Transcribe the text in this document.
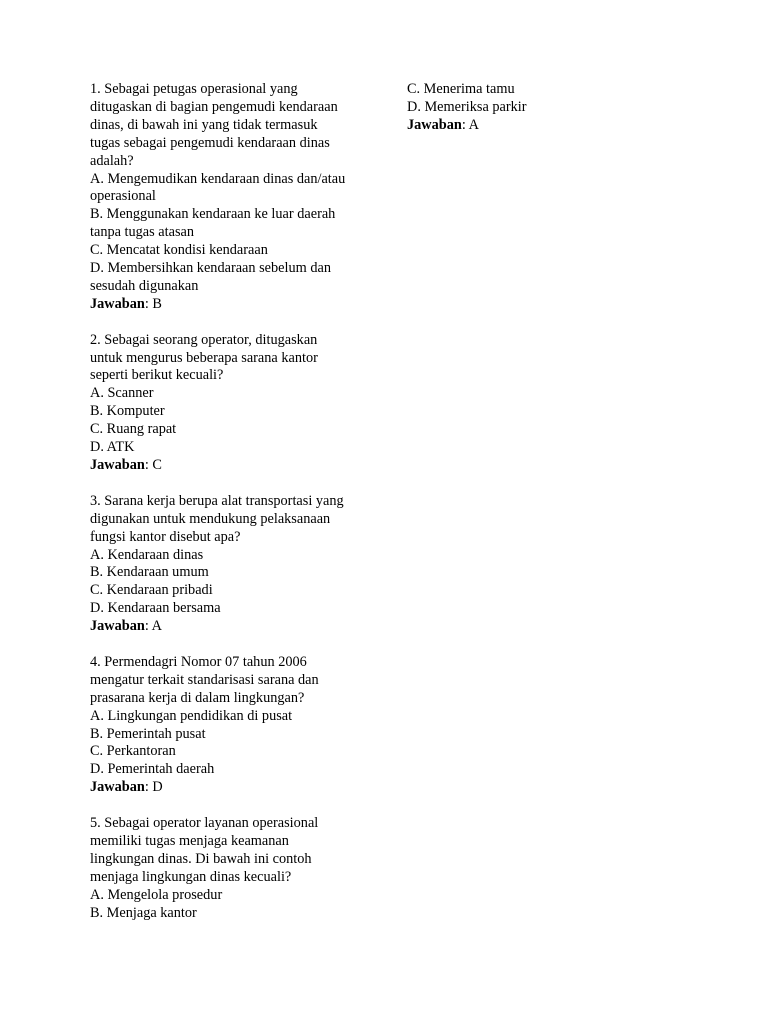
1. Sebagai petugas operasional yang
ditugaskan di bagian pengemudi kendaraan
dinas, di bawah ini yang tidak termasuk
tugas sebagai pengemudi kendaraan dinas
adalah?
A. Mengemudikan kendaraan dinas dan/atau
operasional
B. Menggunakan kendaraan ke luar daerah
tanpa tugas atasan
C. Mencatat kondisi kendaraan
D. Membersihkan kendaraan sebelum dan
sesudah digunakan
Jawaban: B
2. Sebagai seorang operator, ditugaskan
untuk mengurus beberapa sarana kantor
seperti berikut kecuali?
A. Scanner
B. Komputer
C. Ruang rapat
D. ATK
Jawaban: C
3. Sarana kerja berupa alat transportasi yang
digunakan untuk mendukung pelaksanaan
fungsi kantor disebut apa?
A. Kendaraan dinas
B. Kendaraan umum
C. Kendaraan pribadi
D. Kendaraan bersama
Jawaban: A
4. Permendagri Nomor 07 tahun 2006
mengatur terkait standarisasi sarana dan
prasarana kerja di dalam lingkungan?
A. Lingkungan pendidikan di pusat
B. Pemerintah pusat
C. Perkantoran
D. Pemerintah daerah
Jawaban: D
5. Sebagai operator layanan operasional
memiliki tugas menjaga keamanan
lingkungan dinas. Di bawah ini contoh
menjaga lingkungan dinas kecuali?
A. Mengelola prosedur
B. Menjaga kantor
C. Menerima tamu
D. Memeriksa parkir
Jawaban: A
